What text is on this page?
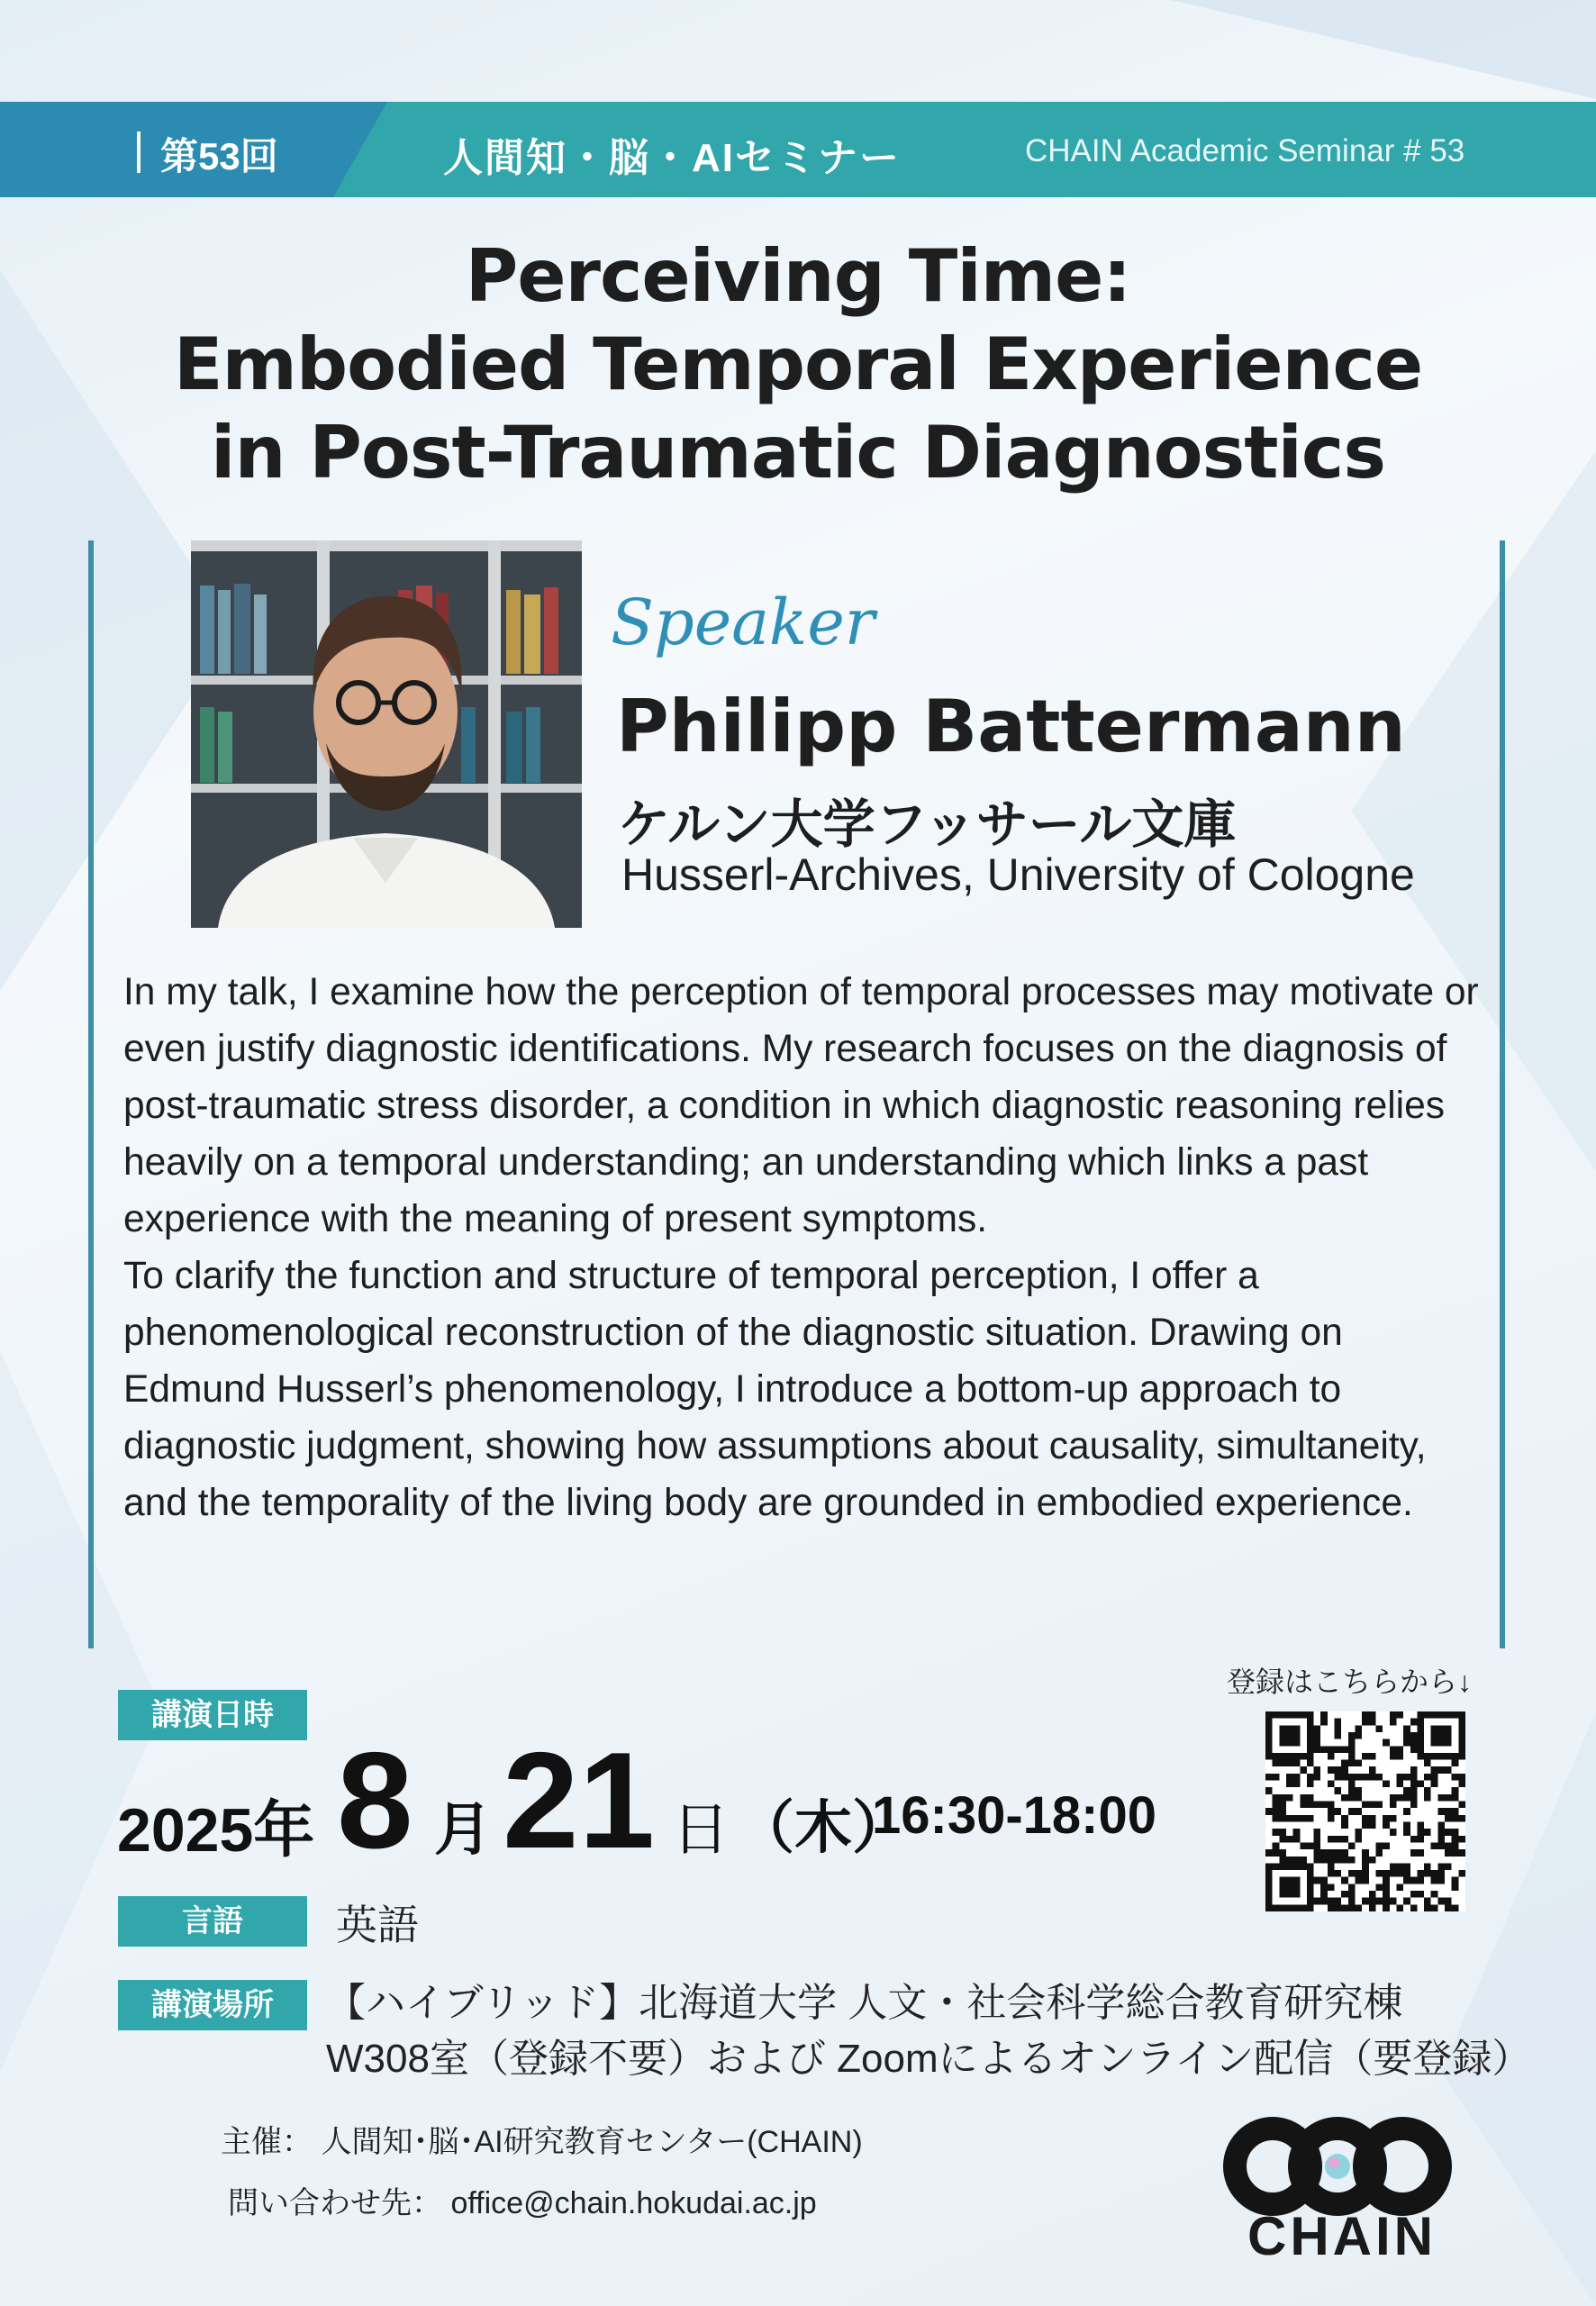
第53回	人間知・脳・AIセミナー	CHAIN Academic Seminar # 53
Perceiving Time:
Embodied Temporal Experience
in Post-Traumatic Diagnostics
Speaker
Philipp Battermann
ケルン大学フッサール文庫
Husserl-Archives, University of Cologne

In my talk, I examine how the perception of temporal processes may motivate or even justify diagnostic identifications. My research focuses on the diagnosis of post-traumatic stress disorder, a condition in which diagnostic reasoning relies heavily on a temporal understanding; an understanding which links a past experience with the meaning of present symptoms.

To clarify the function and structure of temporal perception, I offer a phenomenological reconstruction of the diagnostic situation. Drawing on Edmund Husserl’s phenomenology, I introduce a bottom-up approach to diagnostic judgment, showing how assumptions about causality, simultaneity, and the temporality of the living body are grounded in embodied experience.

講演日時
2025年 8 月 21 日 （木）
16:30-18:00
登録はこちらから↓
言語	英語
講演場所	【ハイブリッド】北海道大学 人文・社会科学総合教育研究棟
W308室（登録不要）および Zoomによるオンライン配信（要登録）
主催： 人間知･脳･AI研究教育センター(CHAIN)
問い合わせ先： office@chain.hokudai.ac.jp
CHAIN
